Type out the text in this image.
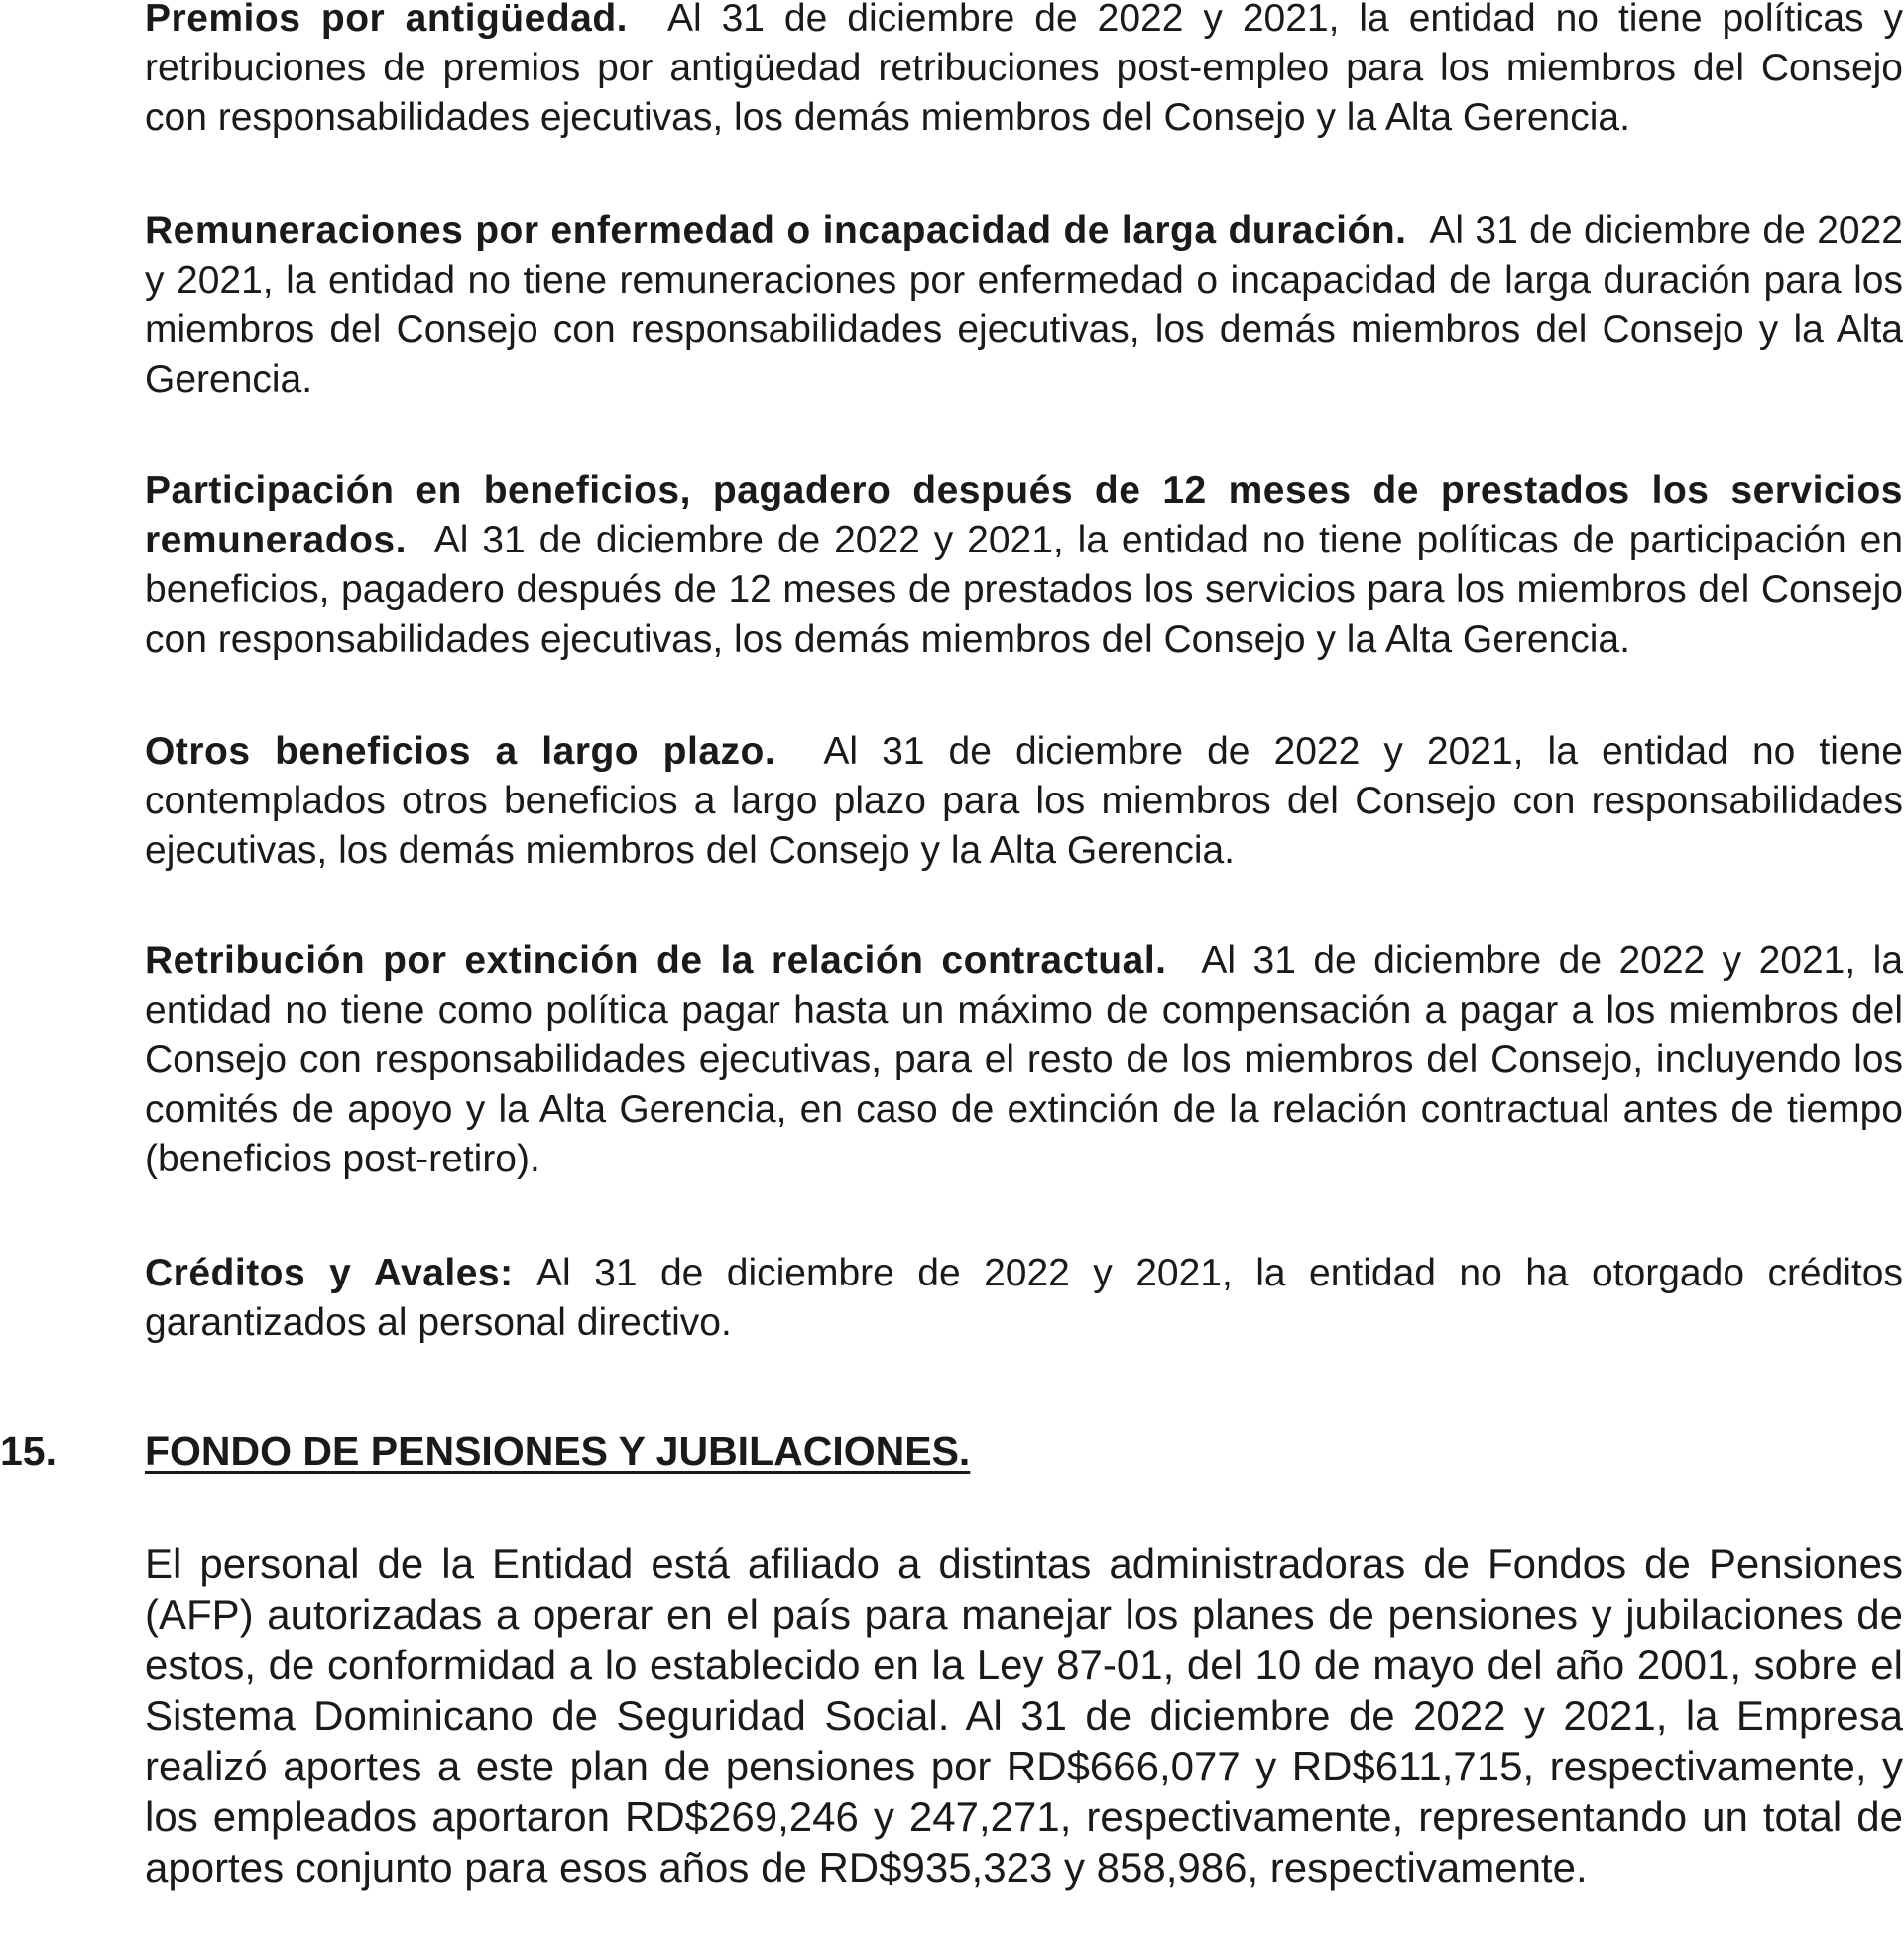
Premios por antigüedad. Al 31 de diciembre de 2022 y 2021, la entidad no tiene políticas y retribuciones de premios por antigüedad retribuciones post-empleo para los miembros del Consejo con responsabilidades ejecutivas, los demás miembros del Consejo y la Alta Gerencia.

Remuneraciones por enfermedad o incapacidad de larga duración. Al 31 de diciembre de 2022 y 2021, la entidad no tiene remuneraciones por enfermedad o incapacidad de larga duración para los miembros del Consejo con responsabilidades ejecutivas, los demás miembros del Consejo y la Alta Gerencia.

Participación en beneficios, pagadero después de 12 meses de prestados los servicios remunerados. Al 31 de diciembre de 2022 y 2021, la entidad no tiene políticas de participación en beneficios, pagadero después de 12 meses de prestados los servicios para los miembros del Consejo con responsabilidades ejecutivas, los demás miembros del Consejo y la Alta Gerencia.

Otros beneficios a largo plazo. Al 31 de diciembre de 2022 y 2021, la entidad no tiene contemplados otros beneficios a largo plazo para los miembros del Consejo con responsabilidades ejecutivas, los demás miembros del Consejo y la Alta Gerencia.

Retribución por extinción de la relación contractual. Al 31 de diciembre de 2022 y 2021, la entidad no tiene como política pagar hasta un máximo de compensación a pagar a los miembros del Consejo con responsabilidades ejecutivas, para el resto de los miembros del Consejo, incluyendo los comités de apoyo y la Alta Gerencia, en caso de extinción de la relación contractual antes de tiempo (beneficios post-retiro).

Créditos y Avales: Al 31 de diciembre de 2022 y 2021, la entidad no ha otorgado créditos garantizados al personal directivo.

15. FONDO DE PENSIONES Y JUBILACIONES.

El personal de la Entidad está afiliado a distintas administradoras de Fondos de Pensiones (AFP) autorizadas a operar en el país para manejar los planes de pensiones y jubilaciones de estos, de conformidad a lo establecido en la Ley 87-01, del 10 de mayo del año 2001, sobre el Sistema Dominicano de Seguridad Social. Al 31 de diciembre de 2022 y 2021, la Empresa realizó aportes a este plan de pensiones por RD$666,077 y RD$611,715, respectivamente, y los empleados aportaron RD$269,246 y 247,271, respectivamente, representando un total de aportes conjunto para esos años de RD$935,323 y 858,986, respectivamente.
